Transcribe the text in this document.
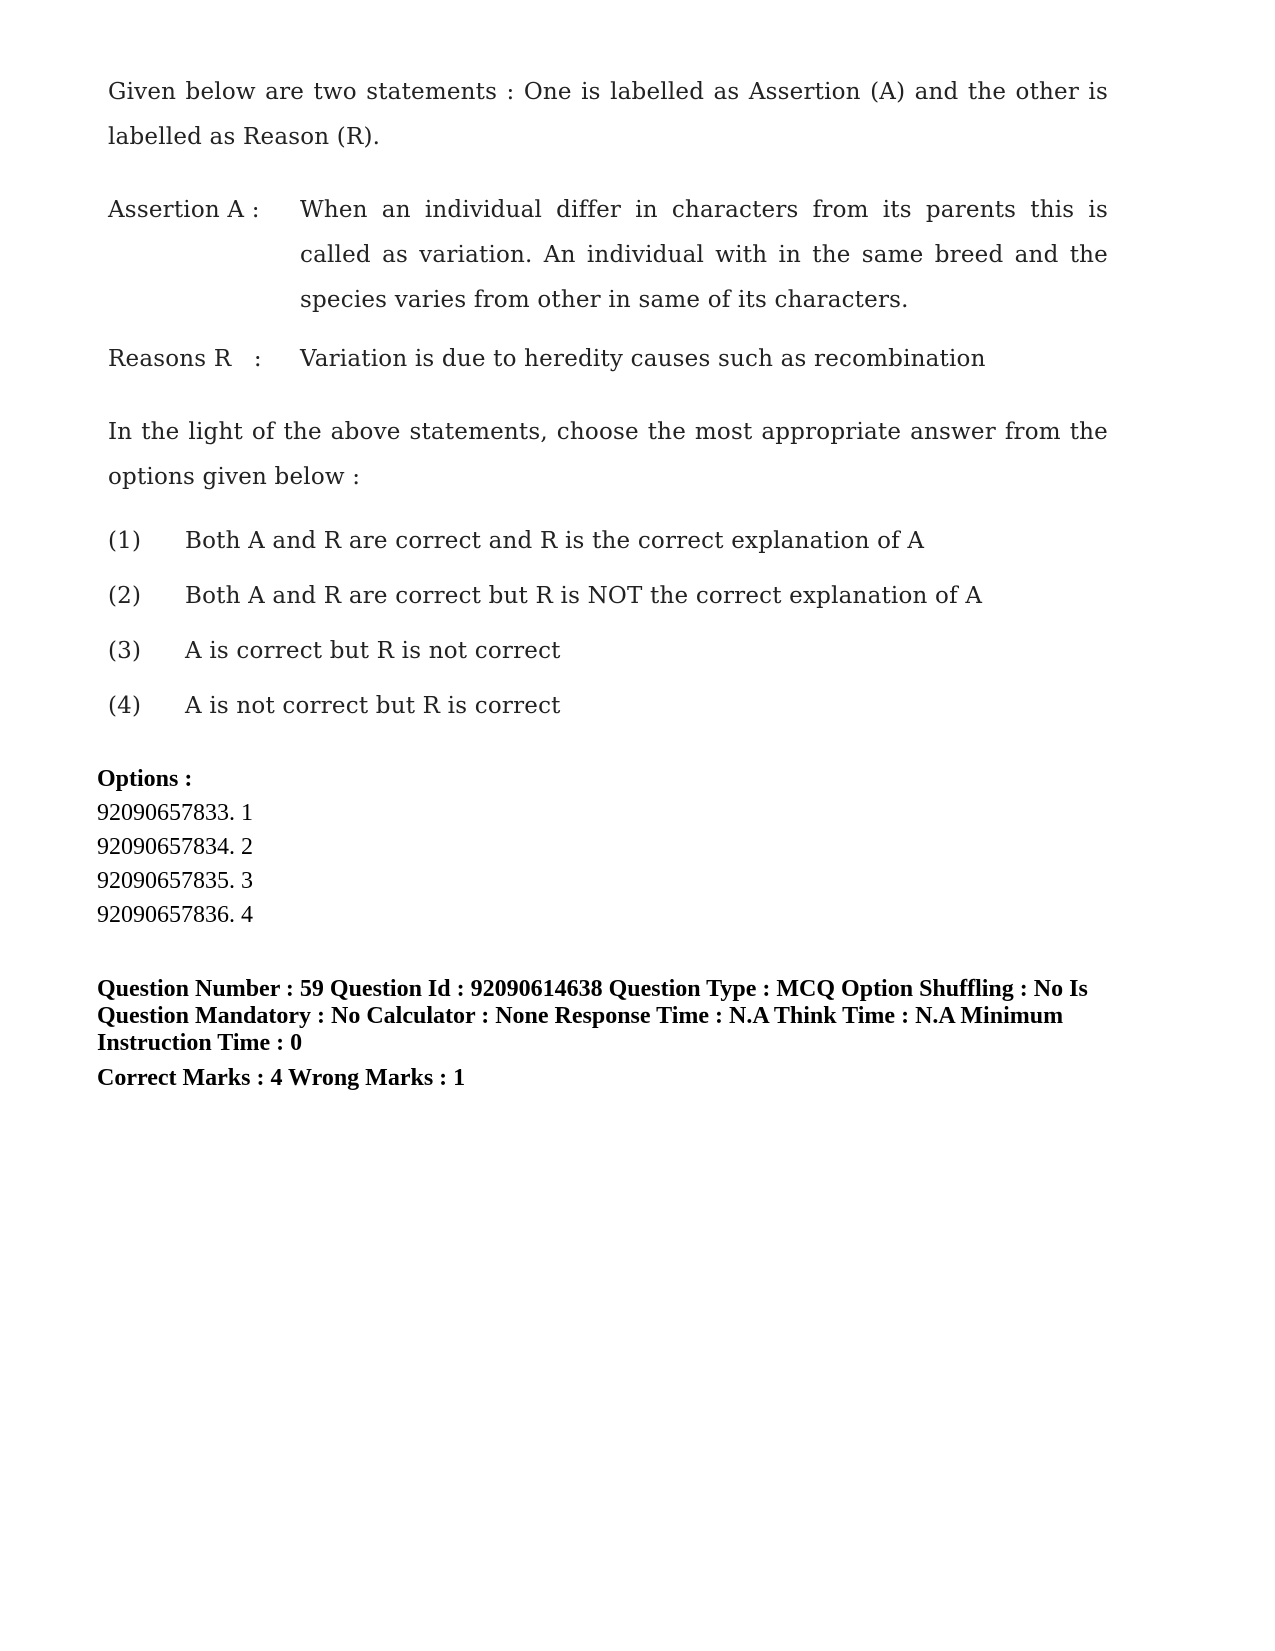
Given below are two statements : One is labelled as Assertion (A) and the other is labelled as Reason (R).

Assertion A :	When an individual differ in characters from its parents this is called as variation. An individual with in the same breed and the species varies from other in same of its characters.
Reasons R   :	Variation is due to heredity causes such as recombination
In the light of the above statements, choose the most appropriate answer from the options given below :
(1)	Both A and R are correct and R is the correct explanation of A
(2)	Both A and R are correct but R is NOT the correct explanation of A
(3)	A is correct but R is not correct
(4)	A is not correct but R is correct
Options :
92090657833. 1
92090657834. 2
92090657835. 3
92090657836. 4
Question Number : 59 Question Id : 92090614638 Question Type : MCQ Option Shuffling : No Is Question Mandatory : No Calculator : None Response Time : N.A Think Time : N.A Minimum Instruction Time : 0
Correct Marks : 4 Wrong Marks : 1
